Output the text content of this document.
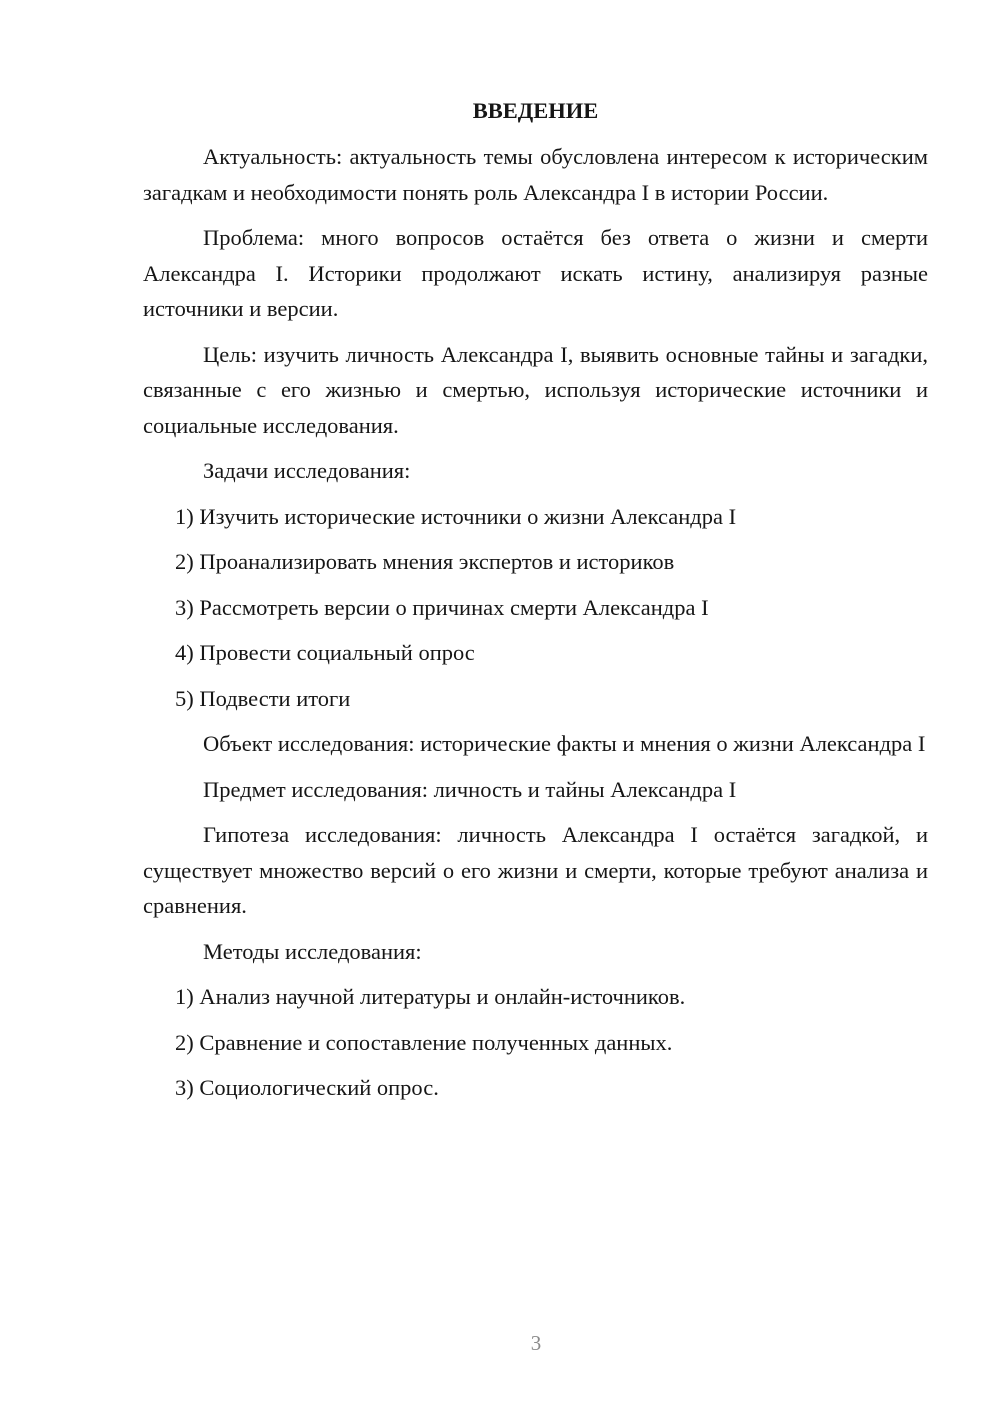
ВВЕДЕНИЕ

Актуальность: актуальность темы обусловлена интересом к историческим загадкам и необходимости понять роль Александра I в истории России.

Проблема: много вопросов остаётся без ответа о жизни и смерти Александра I. Историки продолжают искать истину, анализируя разные источники и версии.

Цель: изучить личность Александра I, выявить основные тайны и загадки, связанные с его жизнью и смертью, используя исторические источники и социальные исследования.

Задачи исследования:

1) Изучить исторические источники о жизни Александра I
2) Проанализировать мнения экспертов и историков
3) Рассмотреть версии о причинах смерти Александра I
4) Провести социальный опрос
5) Подвести итоги

Объект исследования: исторические факты и мнения о жизни Александра I

Предмет исследования: личность и тайны Александра I

Гипотеза исследования: личность Александра I остаётся загадкой, и существует множество версий о его жизни и смерти, которые требуют анализа и сравнения.

Методы исследования:

1) Анализ научной литературы и онлайн-источников.
2) Сравнение и сопоставление полученных данных.
3) Социологический опрос.
3
